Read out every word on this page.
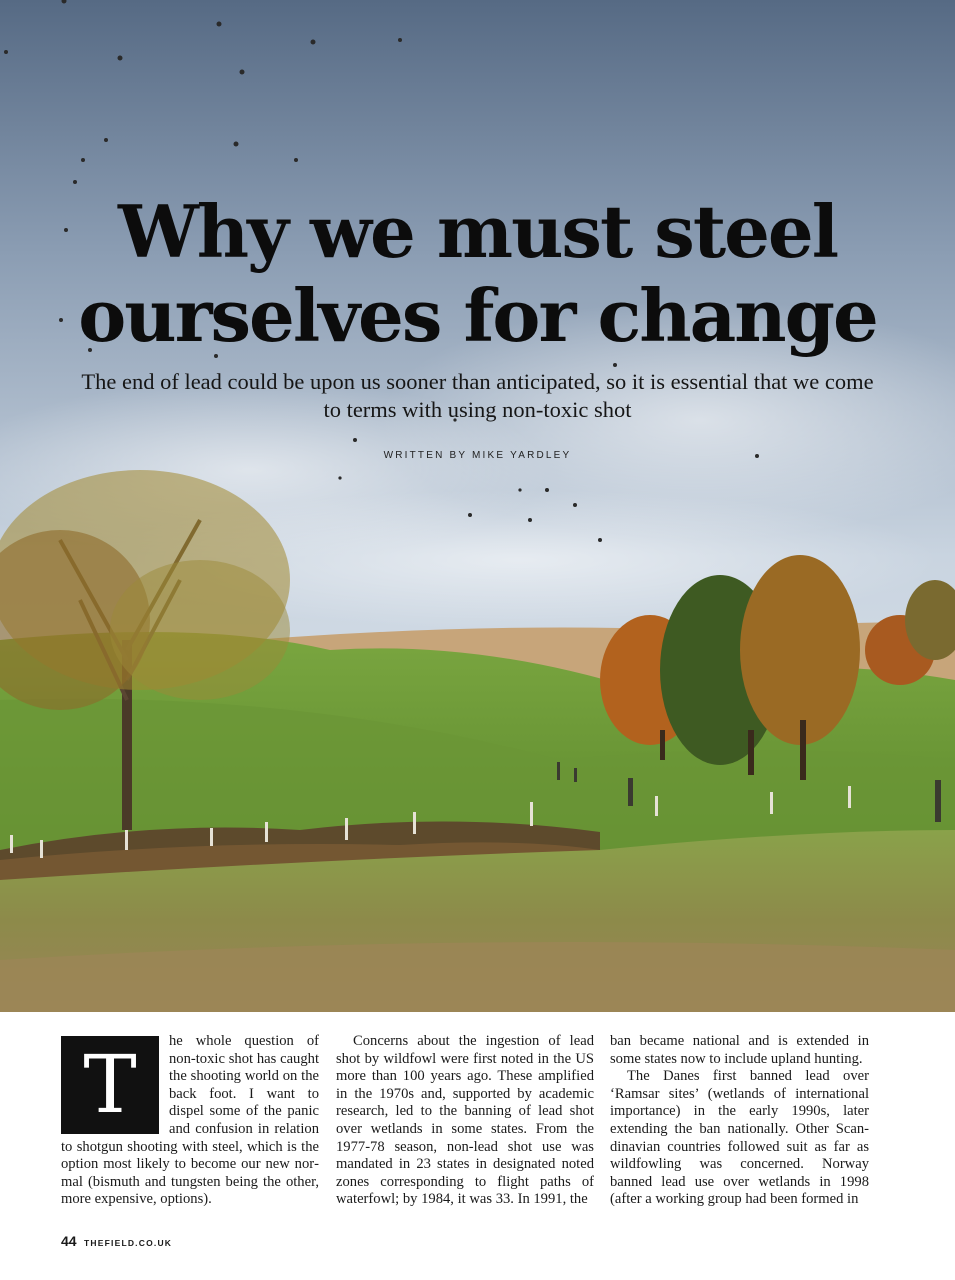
Why we must steel
ourselves for change
The end of lead could be upon us sooner than anticipated, so it is essential that we come to terms with using non-toxic shot
WRITTEN BY MIKE YARDLEY
T	he whole question of non-toxic shot has caught the shooting world on the back foot. I want to dispel some of the panic and confusion in relation to shotgun shooting with steel, which is the option most likely to become our new normal (bismuth and tungsten being the other, more expensive, options).

Concerns about the ingestion of lead shot by wildfowl were first noted in the US more than 100 years ago. These amplified in the 1970s and, supported by academic research, led to the banning of lead shot over wetlands in some states. From the 1977-78 season, non-lead shot use was mandated in 23 states in designated noted zones corresponding to flight paths of waterfowl; by 1984, it was 33. In 1991, the

ban became national and is extended in some states now to include upland hunting.

The Danes first banned lead over ‘Ramsar sites’ (wetlands of international importance) in the early 1990s, later extending the ban nationally. Other Scandinavian countries followed suit as far as wildfowling was concerned. Norway banned lead use over wetlands in 1998 (after a working group had been formed in

44 THEFIELD.CO.UK
